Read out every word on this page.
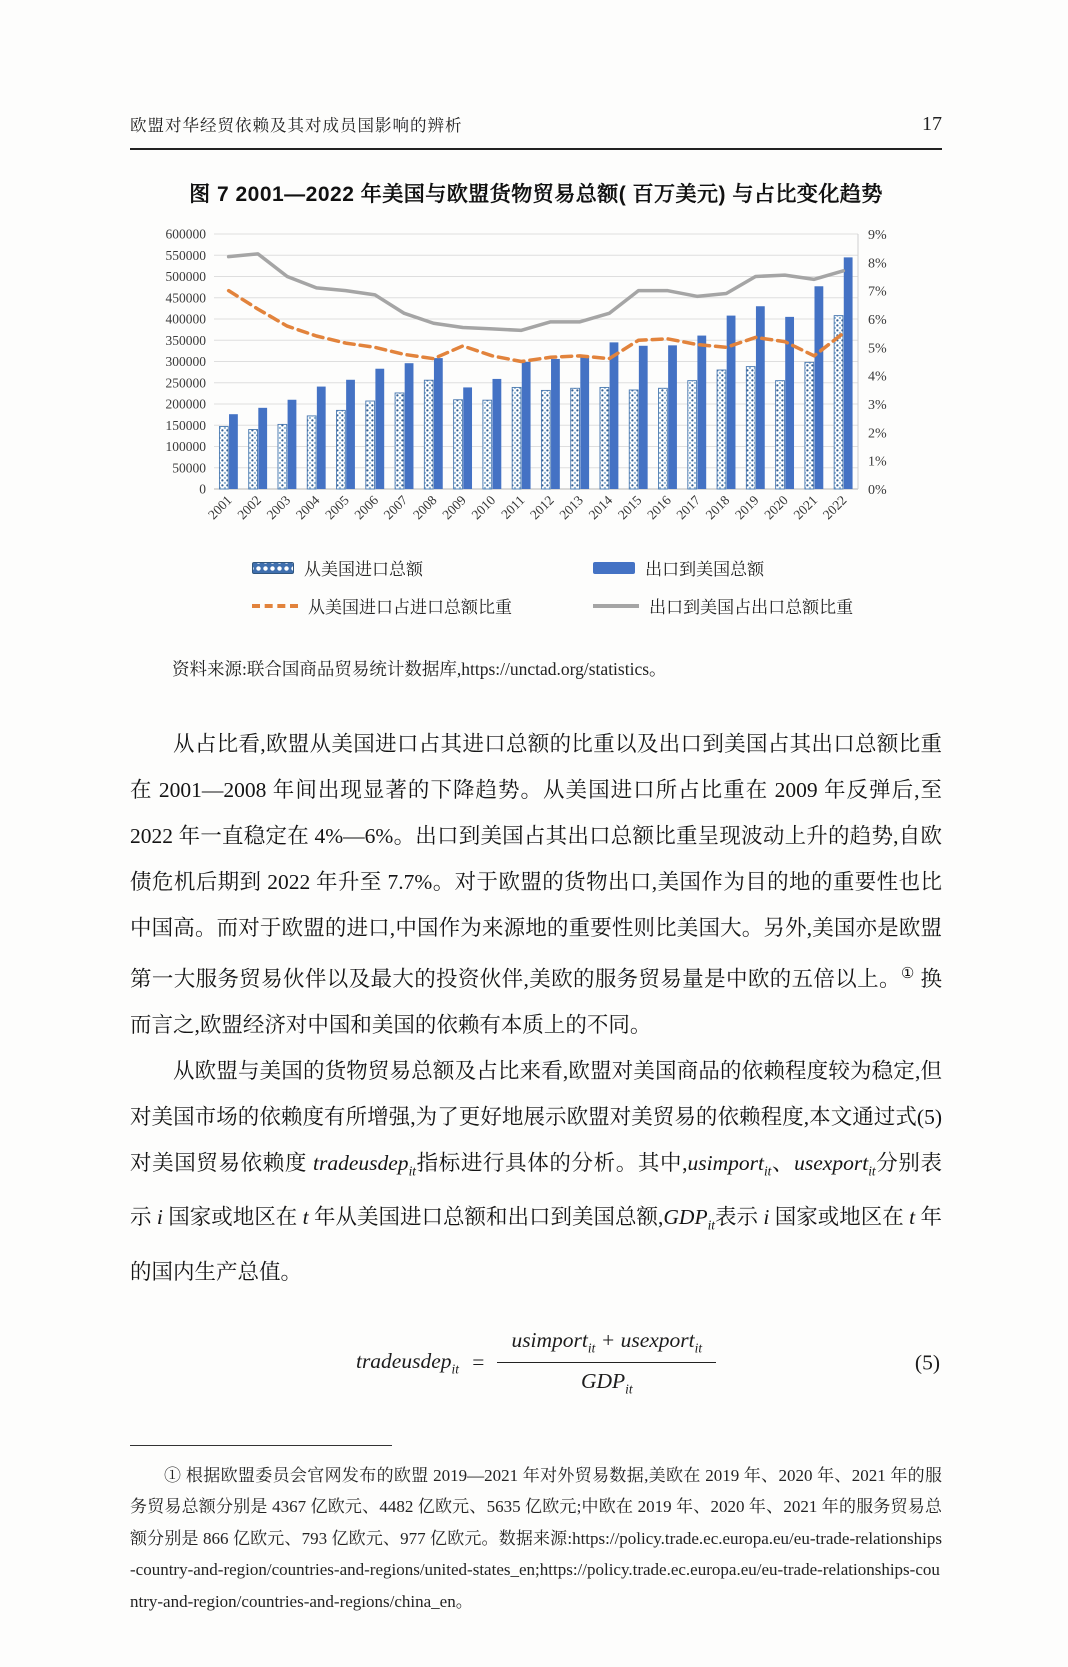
欧盟对华经贸依赖及其对成员国影响的辨析	17
图 7 2001—2022 年美国与欧盟货物贸易总额( 百万美元) 与占比变化趋势
0
50000
100000
150000
200000
250000
300000
350000
400000
450000
500000
550000
600000
0%
1%
2%
3%
4%
5%
6%
7%
8%
9%
2001 2002 2003 2004 2005 2006 2007 2008 2009 2010 2011 2012 2013 2014 2015 2016 2017 2018 2019 2020 2021 2022
从美国进口总额	出口到美国总额
从美国进口占进口总额比重	出口到美国占出口总额比重
资料来源:联合国商品贸易统计数据库,https://unctad.org/statistics。

从占比看,欧盟从美国进口占其进口总额的比重以及出口到美国占其出口总额比重在 2001—2008 年间出现显著的下降趋势。从美国进口所占比重在 2009 年反弹后,至 2022 年一直稳定在 4%—6%。出口到美国占其出口总额比重呈现波动上升的趋势,自欧债危机后期到 2022 年升至 7.7%。对于欧盟的货物出口,美国作为目的地的重要性也比中国高。而对于欧盟的进口,中国作为来源地的重要性则比美国大。另外,美国亦是欧盟第一大服务贸易伙伴以及最大的投资伙伴,美欧的服务贸易量是中欧的五倍以上。① 换而言之,欧盟经济对中国和美国的依赖有本质上的不同。

从欧盟与美国的货物贸易总额及占比来看,欧盟对美国商品的依赖程度较为稳定,但对美国市场的依赖度有所增强,为了更好地展示欧盟对美贸易的依赖程度,本文通过式(5)对美国贸易依赖度 tradeusdep$_{it}$指标进行具体的分析。其中,usimport$_{it}$、usexport$_{it}$分别表示 i 国家或地区在 t 年从美国进口总额和出口到美国总额$,GDP_{it}$表示 i 国家或地区在 t 年的国内生产总值。

tradeusdep$_{it}$ = $\frac{usimport_{it} + usexport_{it}}{GDP_{it}}$	(5)

① 根据欧盟委员会官网发布的欧盟 2019—2021 年对外贸易数据,美欧在 2019 年、2020 年、2021 年的服务贸易总额分别是 4367 亿欧元、4482 亿欧元、5635 亿欧元;中欧在 2019 年、2020 年、2021 年的服务贸易总额分别是 866 亿欧元、793 亿欧元、977 亿欧元。数据来源:https://policy.trade.ec.europa.eu/eu-trade-relationships-country-and-region/countries-and-regions/united-states_en;https://policy.trade.ec.europa.eu/eu-trade-relationships-country-and-region/countries-and-regions/china_en。
